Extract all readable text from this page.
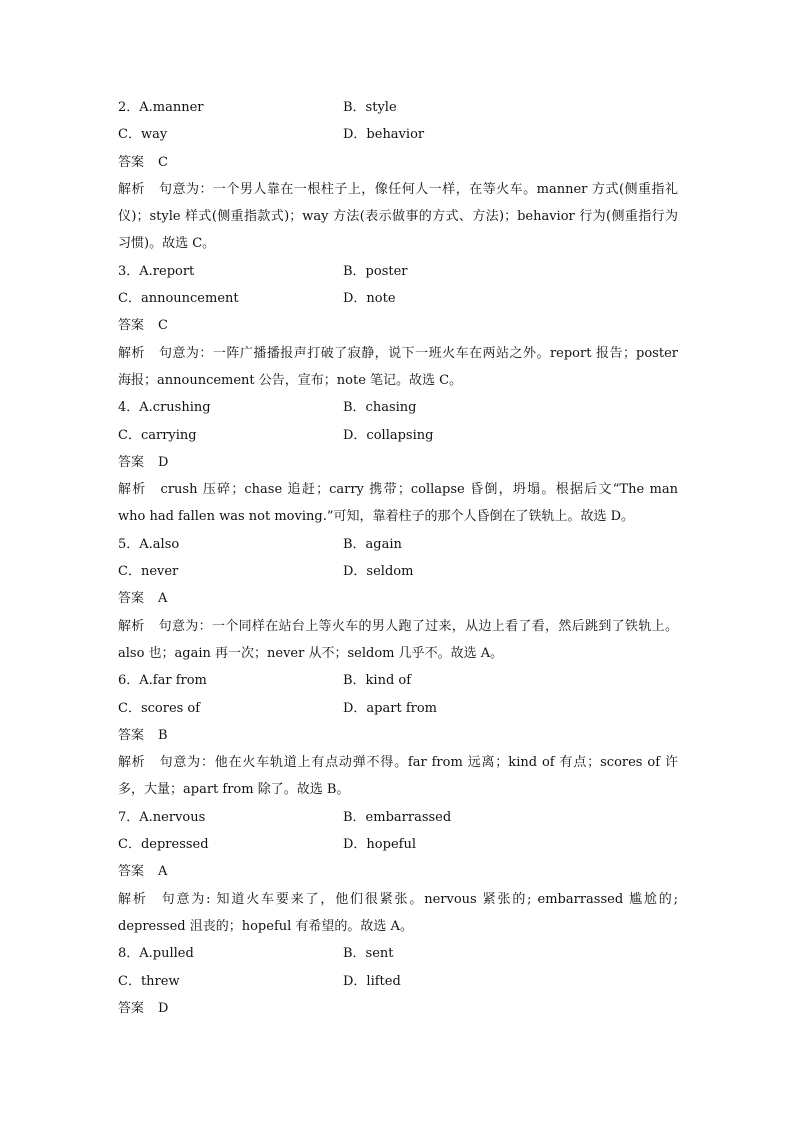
2．A.manner	B．style
C．way	D．behavior
答案 C
解析 句意为：一个男人靠在一根柱子上，像任何人一样，在等火车。manner 方式(侧重指礼仪)；style 样式(侧重指款式)；way 方法(表示做事的方式、方法)；behavior 行为(侧重指行为习惯)。故选 C。
3．A.report	B．poster
C．announcement	D．note
答案 C
解析 句意为：一阵广播播报声打破了寂静，说下一班火车在两站之外。report 报告；poster 海报；announcement 公告，宣布；note 笔记。故选 C。
4．A.crushing	B．chasing
C．carrying	D．collapsing
答案 D
解析 crush 压碎；chase 追赶；carry 携带；collapse 昏倒，坍塌。根据后文“The man who had fallen was not moving.”可知，靠着柱子的那个人昏倒在了铁轨上。故选 D。
5．A.also	B．again
C．never	D．seldom
答案 A
解析 句意为：一个同样在站台上等火车的男人跑了过来，从边上看了看，然后跳到了铁轨上。also 也；again 再一次；never 从不；seldom 几乎不。故选 A。
6．A.far from	B．kind of
C．scores of	D．apart from
答案 B
解析 句意为：他在火车轨道上有点动弹不得。far from 远离；kind of 有点；scores of 许多，大量；apart from 除了。故选 B。
7．A.nervous	B．embarrassed
C．depressed	D．hopeful
答案 A
解析 句意为: 知道火车要来了，他们很紧张。nervous 紧张的; embarrassed 尴尬的; depressed 沮丧的；hopeful 有希望的。故选 A。
8．A.pulled	B．sent
C．threw	D．lifted
答案 D
